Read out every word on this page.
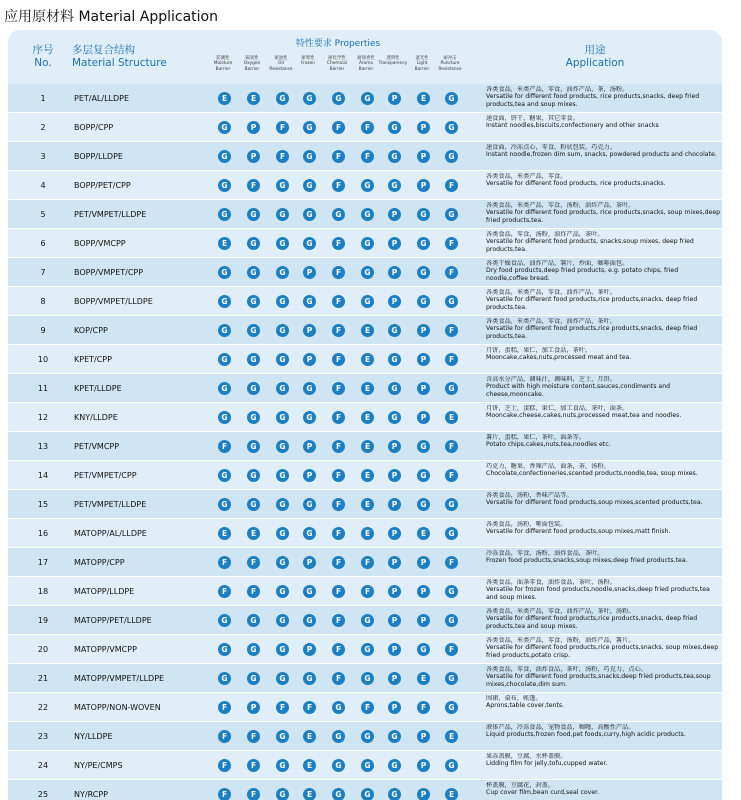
应用原材料 Material Application
序号
No.
多层复合结构
Material Structure
特性要求 Properties	用途
Application
防潮性
Moisture
Barrier
隔氧性
Oxygen
Barrier
耐油性
Oil
Resistance
耐寒性
Frozen
耐化学性
Chemical
Barrier
耐保香性
Aroma
Barrier
透明性
Transparency
遮光性
Light
Barrier
耐冲击
Puncture
Resistance
1	PET/AL/LLDPE	E	E	G	G	G	G	P	E	G
各类食品，米类产品，零食，油炸产品，茶，汤粉。
Versatile for different food products, rice products,snacks, deep fried products,tea and soup mixes.
2	BOPP/CPP	G	P	F	G	F	F	G	P	G
速食面，饼干，糖果，其它零食。
Instant noodles,biscuits,confectionery and other snacks
3	BOPP/LLDPE	G	P	F	G	F	F	G	P	G
速食面，冷冻点心，零食，粉状包装，巧克力。
Instant noodle,frozen dim sum, snacks, powdered products and chocolate.
4	BOPP/PET/CPP	G	F	G	G	F	G	G	P	F
各类食品，米类产品，零食。
Versatile for different food products, rice products,snacks.
5	PET/VMPET/LLDPE	G	G	G	G	G	G	P	G	G
各类食品，米类产品，零食，汤粉，油炸产品，茶叶。
Versatile for different food products, rice products,snacks, soup mixes,deep fried products,tea.
6	BOPP/VMCPP	E	G	G	G	F	G	P	G	F
各类食品，零食，汤粉，油炸产品，茶叶。
Versatile for different food products, snacks,soup mixes, deep fried products,tea.
7	BOPP/VMPET/CPP	G	G	G	P	F	G	P	G	F
各类干燥食品，油炸产品，薯片，炒面，咖啡面包。
Dry food products,deep fried products, e.g. potato chips, fried noodle,coffee bread.
8	BOPP/VMPET/LLDPE	G	G	G	G	F	G	P	G	G
各类食品，米类产品，零食，油炸产品，茶叶。
Versatile for different food products,rice products,snacks, deep fried products,tea.
9	KOP/CPP	G	G	G	P	F	E	G	P	F
各类食品，米类产品，零食，油炸产品，茶叶。
Versatile for different food products,rice products,snacks, deep fried products,tea.
10	KPET/CPP	G	G	G	P	F	E	G	P	F
月饼，蛋糕，果仁，加工食品，茶叶。
Mooncake,cakes,nuts,processed meat and tea.
11	KPET/LLDPE	G	G	G	G	F	E	G	P	G
含高水分产品，调味汁，调味料，芝士，月饼。
Product with high moisture content,sauces,condiments and cheese,mooncake.
12	KNY/LLDPE	G	G	G	G	F	E	G	P	E
月饼，芝士，蛋糕，果仁，加工食品，茶叶，面条。
Mooncake,cheese,cakes,nuts,processed meat,tea and noodles.
13	PET/VMCPP	F	G	G	P	F	E	P	G	F
薯片，蛋糕，果仁，茶叶，面条等。
Potato chips,cakes,nuts,tea,noodles etc.
14	PET/VMPET/CPP	G	G	G	P	F	E	P	G	F
巧克力，糖果，香辣产品，面条，茶，汤粉。
Chocolate,confectioneries,scented products,noodle,tea, soup mixes.
15	PET/VMPET/LLDPE	G	G	G	G	F	E	P	G	G
各类食品，汤粉，香味产品等。
Versatile for different food products,soup mixes,scented products,tea.
16	MATOPP/AL/LLDPE	E	E	G	G	F	E	P	E	G
各类食品，汤粉，哑面包装。
Versatile for different food products,soup mixes,matt finish.
17	MATOPP/CPP	F	F	G	P	F	F	P	P	F
冷冻食品，零食，汤粉，油炸食品，茶叶。
Frozen food products,snacks,soup mixes,deep fried products,tea.
18	MATOPP/LLDPE	F	F	G	G	F	F	P	P	G
各类食品，面条零食，油炸食品，茶叶，汤粉。
Versatile for frozen food products,noodle,snacks,deep fried products,tea and soup mixes.
19	MATOPP/PET/LLDPE	G	G	G	G	F	G	P	P	G
各类食品，米类产品，零食，油炸产品，茶叶，汤粉。
Versatile for different food products,rice products,snacks, deep fried products,tea and soup mixes.
20	MATOPP/VMCPP	G	G	G	P	F	G	P	G	F
各类食品，米类产品，零食，汤粉，油炸产品，薯片。
Versatile for different food products,rice products,snacks, soup mixes,deep fried products,potato crisp.
21	MATOPP/VMPET/LLDPE	G	G	G	G	F	G	P	E	G
各类食品，零食，油炸食品，茶叶，汤粉，巧克力，点心。
Versatile for different food products,snacks,deep fried products,tea,soup mixes,chocolate,dim sum.
22	MATOPP/NON-WOVEN	F	P	F	F	G	F	P	F	G
围裙，桌布，帐篷。
Aprons,table cover,tents.
23	NY/LLDPE	F	F	G	E	G	G	G	P	E
液体产品，冷冻食品，宠物食品，咖喱，高酸性产品。
Liquid products,frozen food,pet foods,curry,high acidic products.
24	NY/PE/CMPS	F	F	G	E	G	G	G	P	G
果冻盖膜，豆腐，水杯盖膜。
Lidding film for jelly,tofu,cupped water.
25	NY/RCPP	F	F	G	E	G	G	G	P	E
杯盖膜，豆腐花，封盖。
Cup cover film,bean curd,seal cover.
